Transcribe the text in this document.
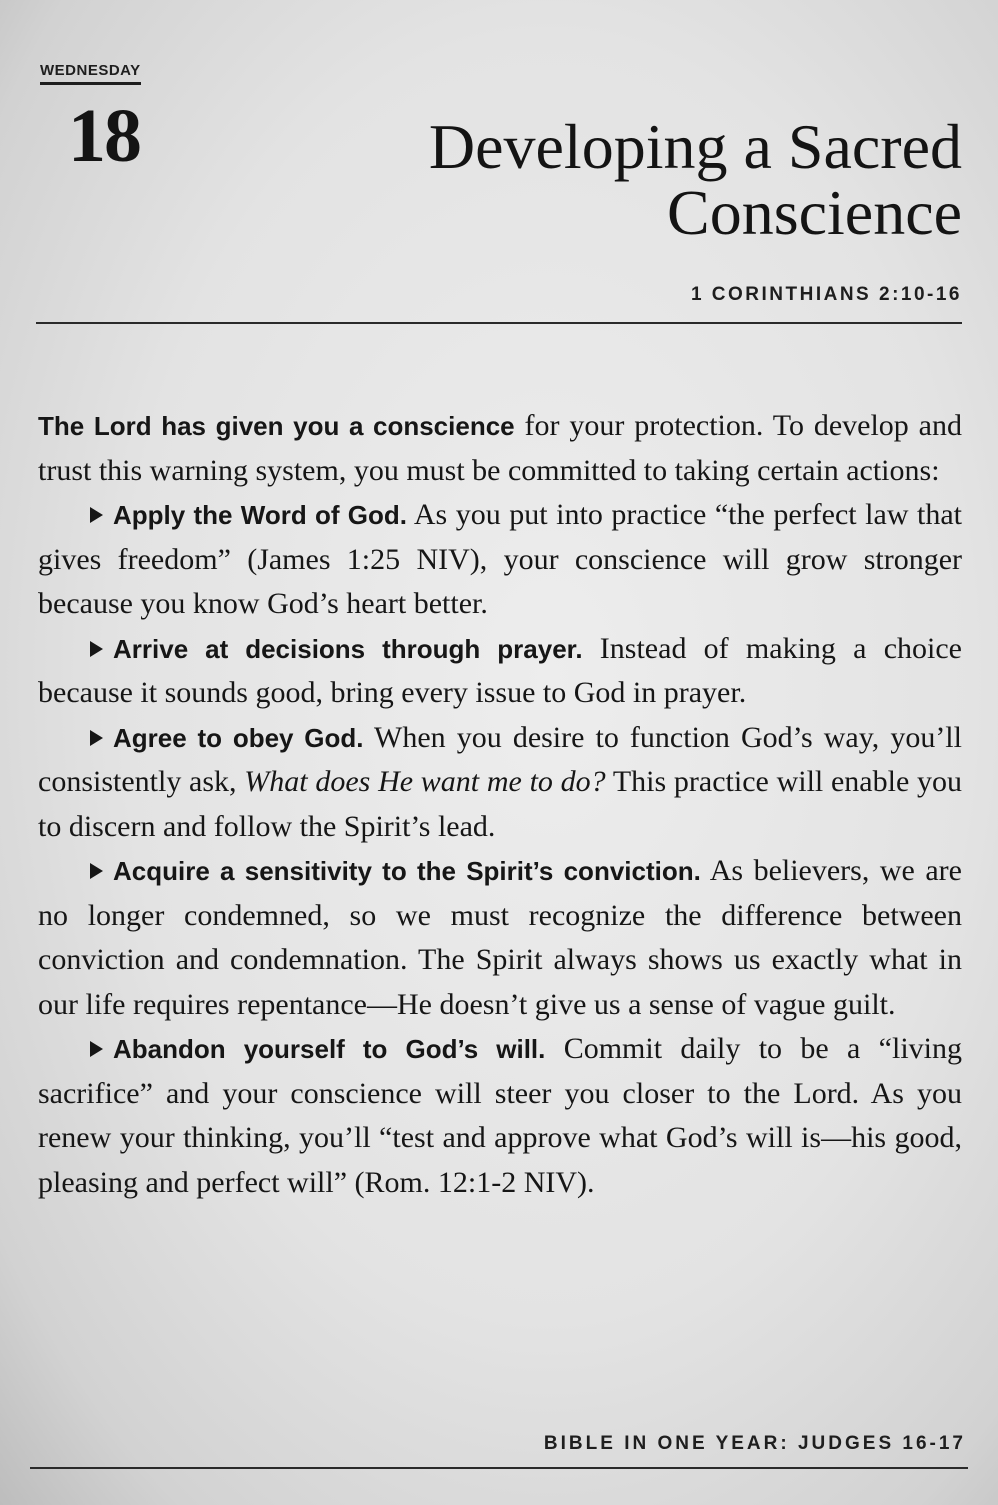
WEDNESDAY
18	Developing a Sacred Conscience
1 CORINTHIANS 2:10-16

The Lord has given you a conscience for your protection. To develop and trust this warning system, you must be committed to taking certain actions:

Apply the Word of God. As you put into practice “the perfect law that gives freedom” (James 1:25 NIV), your conscience will grow stronger because you know God’s heart better.

Arrive at decisions through prayer. Instead of making a choice because it sounds good, bring every issue to God in prayer.

Agree to obey God. When you desire to function God’s way, you’ll consistently ask, What does He want me to do? This practice will enable you to discern and follow the Spirit’s lead.

Acquire a sensitivity to the Spirit’s conviction. As believers, we are no longer condemned, so we must recognize the difference between conviction and condemnation. The Spirit always shows us exactly what in our life requires repentance—He doesn’t give us a sense of vague guilt.

Abandon yourself to God’s will. Commit daily to be a “living sacrifice” and your conscience will steer you closer to the Lord. As you renew your thinking, you’ll “test and approve what God’s will is—his good, pleasing and perfect will” (Rom. 12:1-2 NIV).

BIBLE IN ONE YEAR: JUDGES 16-17
